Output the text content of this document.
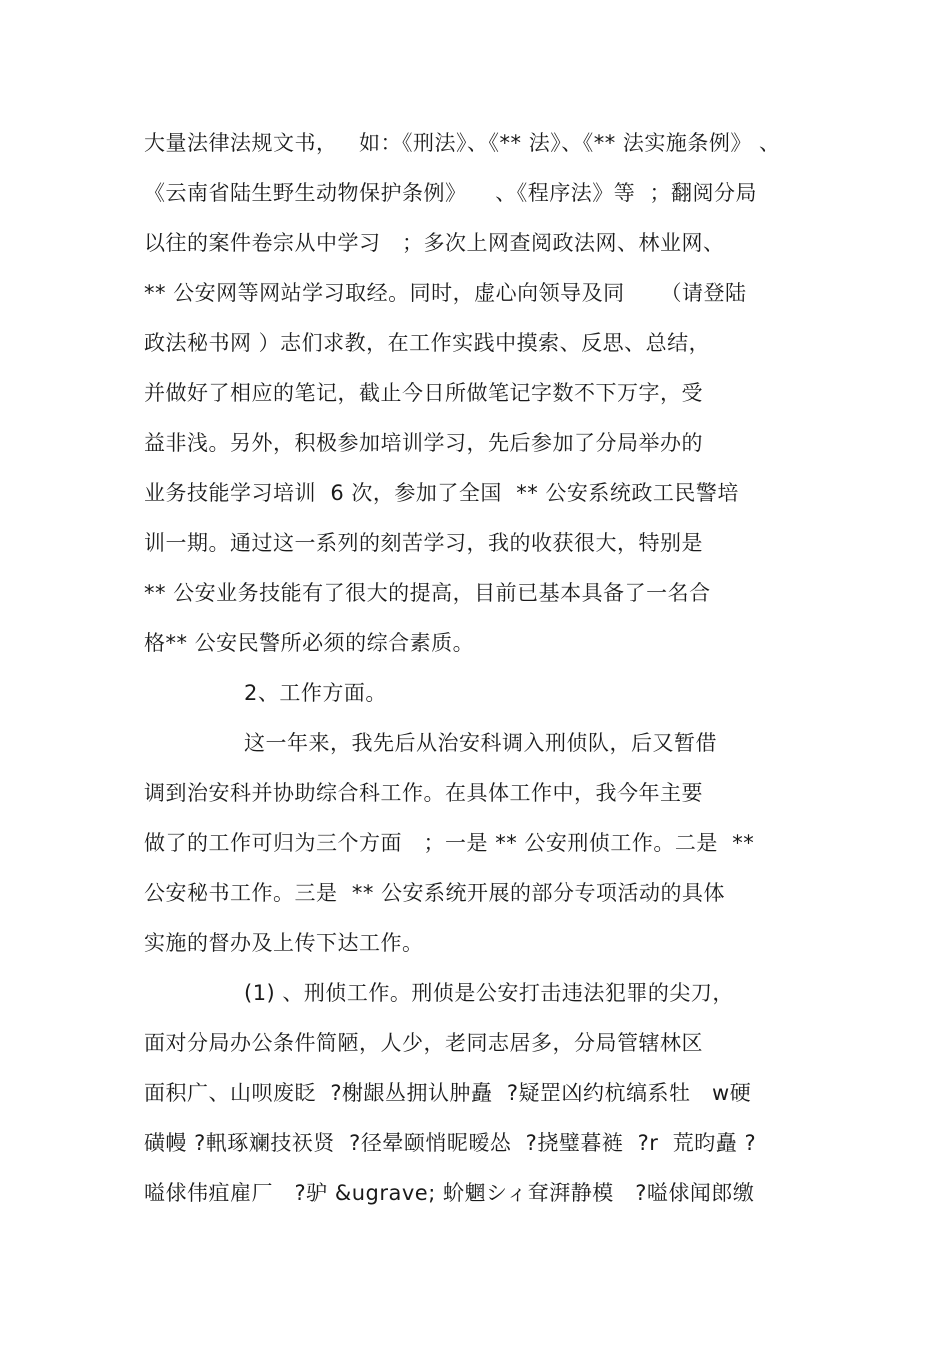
大量法律法规文书，   如：《刑法》、《** 法》、《** 法实施条例》 、
《云南省陆生野生动物保护条例》    、《程序法》等  ；翻阅分局
以往的案件卷宗从中学习   ；多次上网查阅政法网、林业网、
** 公安网等网站学习取经。同时，虚心向领导及同     （请登陆
政法秘书网 ）志们求教，在工作实践中摸索、反思、总结，
并做好了相应的笔记，截止今日所做笔记字数不下万字，受
益非浅。另外，积极参加培训学习，先后参加了分局举办的
业务技能学习培训  6 次，参加了全国  ** 公安系统政工民警培
训一期。通过这一系列的刻苦学习，我的收获很大，特别是
** 公安业务技能有了很大的提高，目前已基本具备了一名合
格** 公安民警所必须的综合素质。
2、工作方面。
这一年来，我先后从治安科调入刑侦队，后又暂借
调到治安科并协助综合科工作。在具体工作中，我今年主要
做了的工作可归为三个方面   ；一是 ** 公安刑侦工作。二是  **
公安秘书工作。三是  ** 公安系统开展的部分专项活动的具体
实施的督办及上传下达工作。
(1) 、刑侦工作。刑侦是公安打击违法犯罪的尖刀，
面对分局办公条件简陋，人少，老同志居多，分局管辖林区
面积广、山呗废眨  ?榭龈丛拥认肿矗  ?疑罡凶约杭缟系牡   w硬
磺幔 ?軐琢斓技祆贤  ?径晕颐悄昵暧怂  ?挠璧暮裢  ?r  荒昀矗 ?
嗌俅伟疽雇厂   ?驴 &ugrave; 蚧魍シィ耷湃静模   ?嗌俅闻郎缴
